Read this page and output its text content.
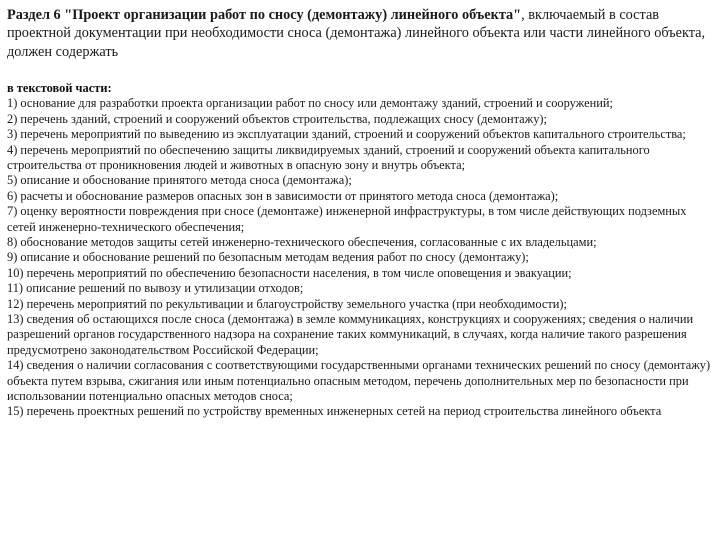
Раздел 6 "Проект организации работ по сносу (демонтажу) линейного объекта", включаемый в состав проектной документации при необходимости сноса (демонтажа) линейного объекта или части линейного объекта, должен содержать

в текстовой части:
1) основание для разработки проекта организации работ по сносу или демонтажу зданий, строений и сооружений;
2) перечень зданий, строений и сооружений объектов строительства, подлежащих сносу (демонтажу);
3) перечень мероприятий по выведению из эксплуатации зданий, строений и сооружений объектов капитального строительства;
4) перечень мероприятий по обеспечению защиты ликвидируемых зданий, строений и сооружений объекта капитального строительства от проникновения людей и животных в опасную зону и внутрь объекта;
5) описание и обоснование принятого метода сноса (демонтажа);
6) расчеты и обоснование размеров опасных зон в зависимости от принятого метода сноса (демонтажа);
7) оценку вероятности повреждения при сносе (демонтаже) инженерной инфраструктуры, в том числе действующих подземных сетей инженерно-технического обеспечения;
8) обоснование методов защиты сетей инженерно-технического обеспечения, согласованные с их владельцами;
9) описание и обоснование решений по безопасным методам ведения работ по сносу (демонтажу);
10) перечень мероприятий по обеспечению безопасности населения, в том числе оповещения и эвакуации;
11) описание решений по вывозу и утилизации отходов;
12) перечень мероприятий по рекультивации и благоустройству земельного участка (при необходимости);
13) сведения об остающихся после сноса (демонтажа) в земле коммуникациях, конструкциях и сооружениях; сведения о наличии разрешений органов государственного надзора на сохранение таких коммуникаций, в случаях, когда наличие такого разрешения предусмотрено законодательством Российской Федерации;
14) сведения о наличии согласования с соответствующими государственными органами технических решений по сносу (демонтажу) объекта путем взрыва, сжигания или иным потенциально опасным методом, перечень дополнительных мер по безопасности при использовании потенциально опасных методов сноса;
15) перечень проектных решений по устройству временных инженерных сетей на период строительства линейного объекта
